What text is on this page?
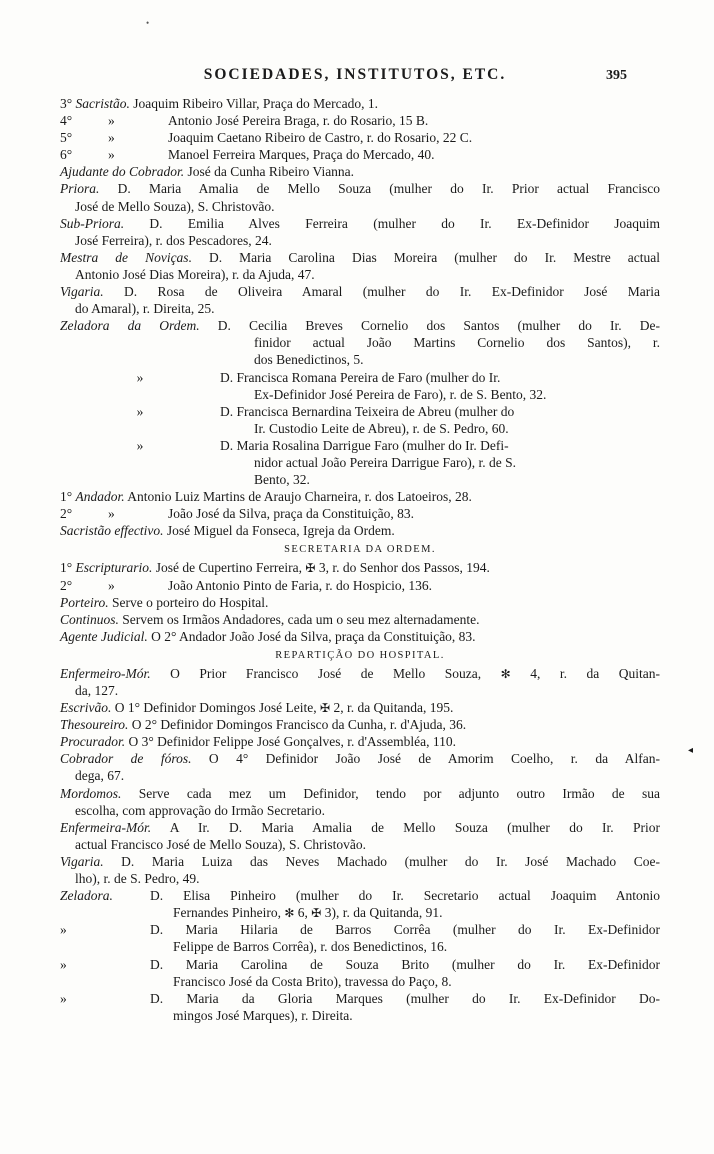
•
SOCIEDADES, INSTITUTOS, ETC.	395
3° Sacristão. Joaquim Ribeiro Villar, Praça do Mercado, 1.
4°	»	Antonio José Pereira Braga, r. do Rosario, 15 B.
5°	»	Joaquim Caetano Ribeiro de Castro, r. do Rosario, 22 C.
6°	»	Manoel Ferreira Marques, Praça do Mercado, 40.
Ajudante do Cobrador. José da Cunha Ribeiro Vianna.
Priora. D. Maria Amalia de Mello Souza (mulher do Ir. Prior actual Francisco
José de Mello Souza), S. Christovão.
Sub-Priora. D. Emilia Alves Ferreira (mulher do Ir. Ex-Definidor Joaquim
José Ferreira), r. dos Pescadores, 24.
Mestra de Noviças. D. Maria Carolina Dias Moreira (mulher do Ir. Mestre actual
Antonio José Dias Moreira), r. da Ajuda, 47.
Vigaria. D. Rosa de Oliveira Amaral (mulher do Ir. Ex-Definidor José Maria
do Amaral), r. Direita, 25.
Zeladora da Ordem. D. Cecilia Breves Cornelio dos Santos (mulher do Ir. De-
finidor actual João Martins Cornelio dos Santos), r.
dos Benedictinos, 5.
»	D. Francisca Romana Pereira de Faro (mulher do Ir.
Ex-Definidor José Pereira de Faro), r. de S. Bento, 32.
»	D. Francisca Bernardina Teixeira de Abreu (mulher do
Ir. Custodio Leite de Abreu), r. de S. Pedro, 60.
»	D. Maria Rosalina Darrigue Faro (mulher do Ir. Defi-
nidor actual João Pereira Darrigue Faro), r. de S.
Bento, 32.
1° Andador. Antonio Luiz Martins de Araujo Charneira, r. dos Latoeiros, 28.
2°	»	João José da Silva, praça da Constituição, 83.
Sacristão effectivo. José Miguel da Fonseca, Igreja da Ordem.
SECRETARIA DA ORDEM.
1° Escripturario. José de Cupertino Ferreira, ✠ 3, r. do Senhor dos Passos, 194.
2°	»	João Antonio Pinto de Faria, r. do Hospicio, 136.
Porteiro. Serve o porteiro do Hospital.
Continuos. Servem os Irmãos Andadores, cada um o seu mez alternadamente.
Agente Judicial. O 2° Andador João José da Silva, praça da Constituição, 83.
REPARTIÇÃO DO HOSPITAL.
Enfermeiro-Mór. O Prior Francisco José de Mello Souza, ✻ 4, r. da Quitan-
da, 127.
Escrivão. O 1° Definidor Domingos José Leite, ✠ 2, r. da Quitanda, 195.
Thesoureiro. O 2° Definidor Domingos Francisco da Cunha, r. d'Ajuda, 36.
Procurador. O 3° Definidor Felippe José Gonçalves, r. d'Assembléa, 110.
Cobrador de fóros. O 4° Definidor João José de Amorim Coelho, r. da Alfan-
dega, 67.
Mordomos. Serve cada mez um Definidor, tendo por adjunto outro Irmão de sua
escolha, com approvação do Irmão Secretario.
Enfermeira-Mór. A Ir. D. Maria Amalia de Mello Souza (mulher do Ir. Prior
actual Francisco José de Mello Souza), S. Christovão.
Vigaria. D. Maria Luiza das Neves Machado (mulher do Ir. José Machado Coe-
lho), r. de S. Pedro, 49.
Zeladora.	D. Elisa Pinheiro (mulher do Ir. Secretario actual Joaquim Antonio
Fernandes Pinheiro, ✻ 6, ✠ 3), r. da Quitanda, 91.
»	D. Maria Hilaria de Barros Corrêa (mulher do Ir. Ex-Definidor
Felippe de Barros Corrêa), r. dos Benedictinos, 16.
»	D. Maria Carolina de Souza Brito (mulher do Ir. Ex-Definidor
Francisco José da Costa Brito), travessa do Paço, 8.
»	D. Maria da Gloria Marques (mulher do Ir. Ex-Definidor Do-
mingos José Marques), r. Direita.
◂
